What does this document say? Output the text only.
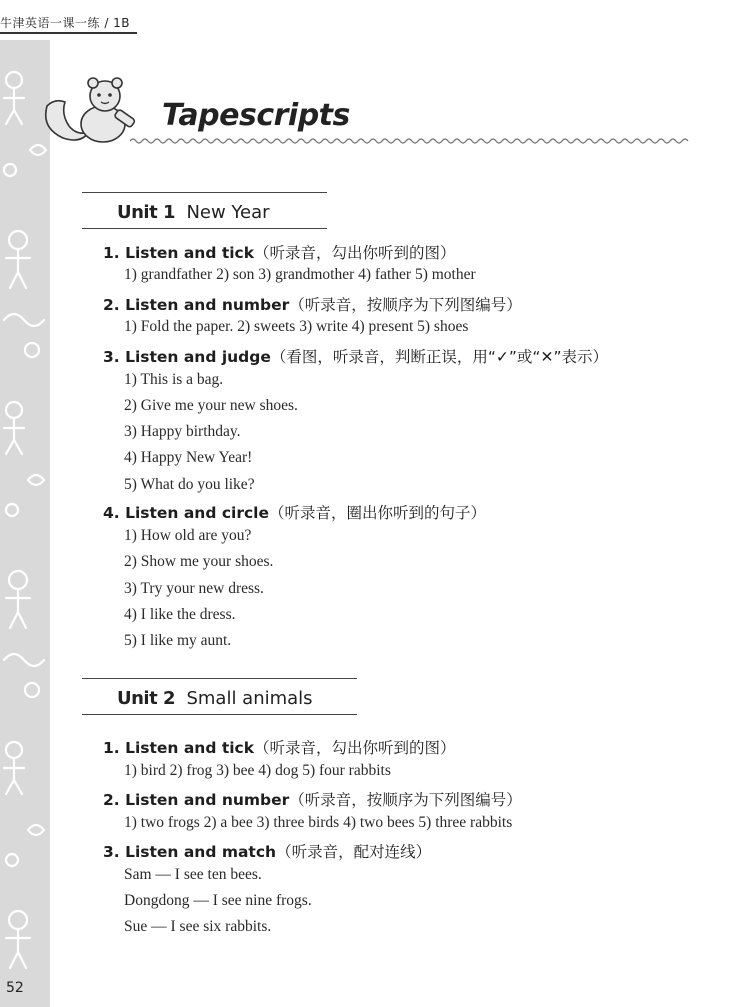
牛津英语一课一练 / 1B
Tapescripts
Unit 1 New Year
1. Listen and tick（听录音，勾出你听到的图）
1) grandfather 2) son 3) grandmother 4) father 5) mother
2. Listen and number（听录音，按顺序为下列图编号）
1) Fold the paper. 2) sweets 3) write 4) present 5) shoes
3. Listen and judge（看图，听录音，判断正误，用“✓”或“✕”表示）
1) This is a bag.
2) Give me your new shoes.
3) Happy birthday.
4) Happy New Year!
5) What do you like?
4. Listen and circle（听录音，圈出你听到的句子）
1) How old are you?
2) Show me your shoes.
3) Try your new dress.
4) I like the dress.
5) I like my aunt.
Unit 2 Small animals
1. Listen and tick（听录音，勾出你听到的图）
1) bird 2) frog 3) bee 4) dog 5) four rabbits
2. Listen and number（听录音，按顺序为下列图编号）
1) two frogs 2) a bee 3) three birds 4) two bees 5) three rabbits
3. Listen and match（听录音，配对连线）
Sam — I see ten bees.
Dongdong — I see nine frogs.
Sue — I see six rabbits.
52
